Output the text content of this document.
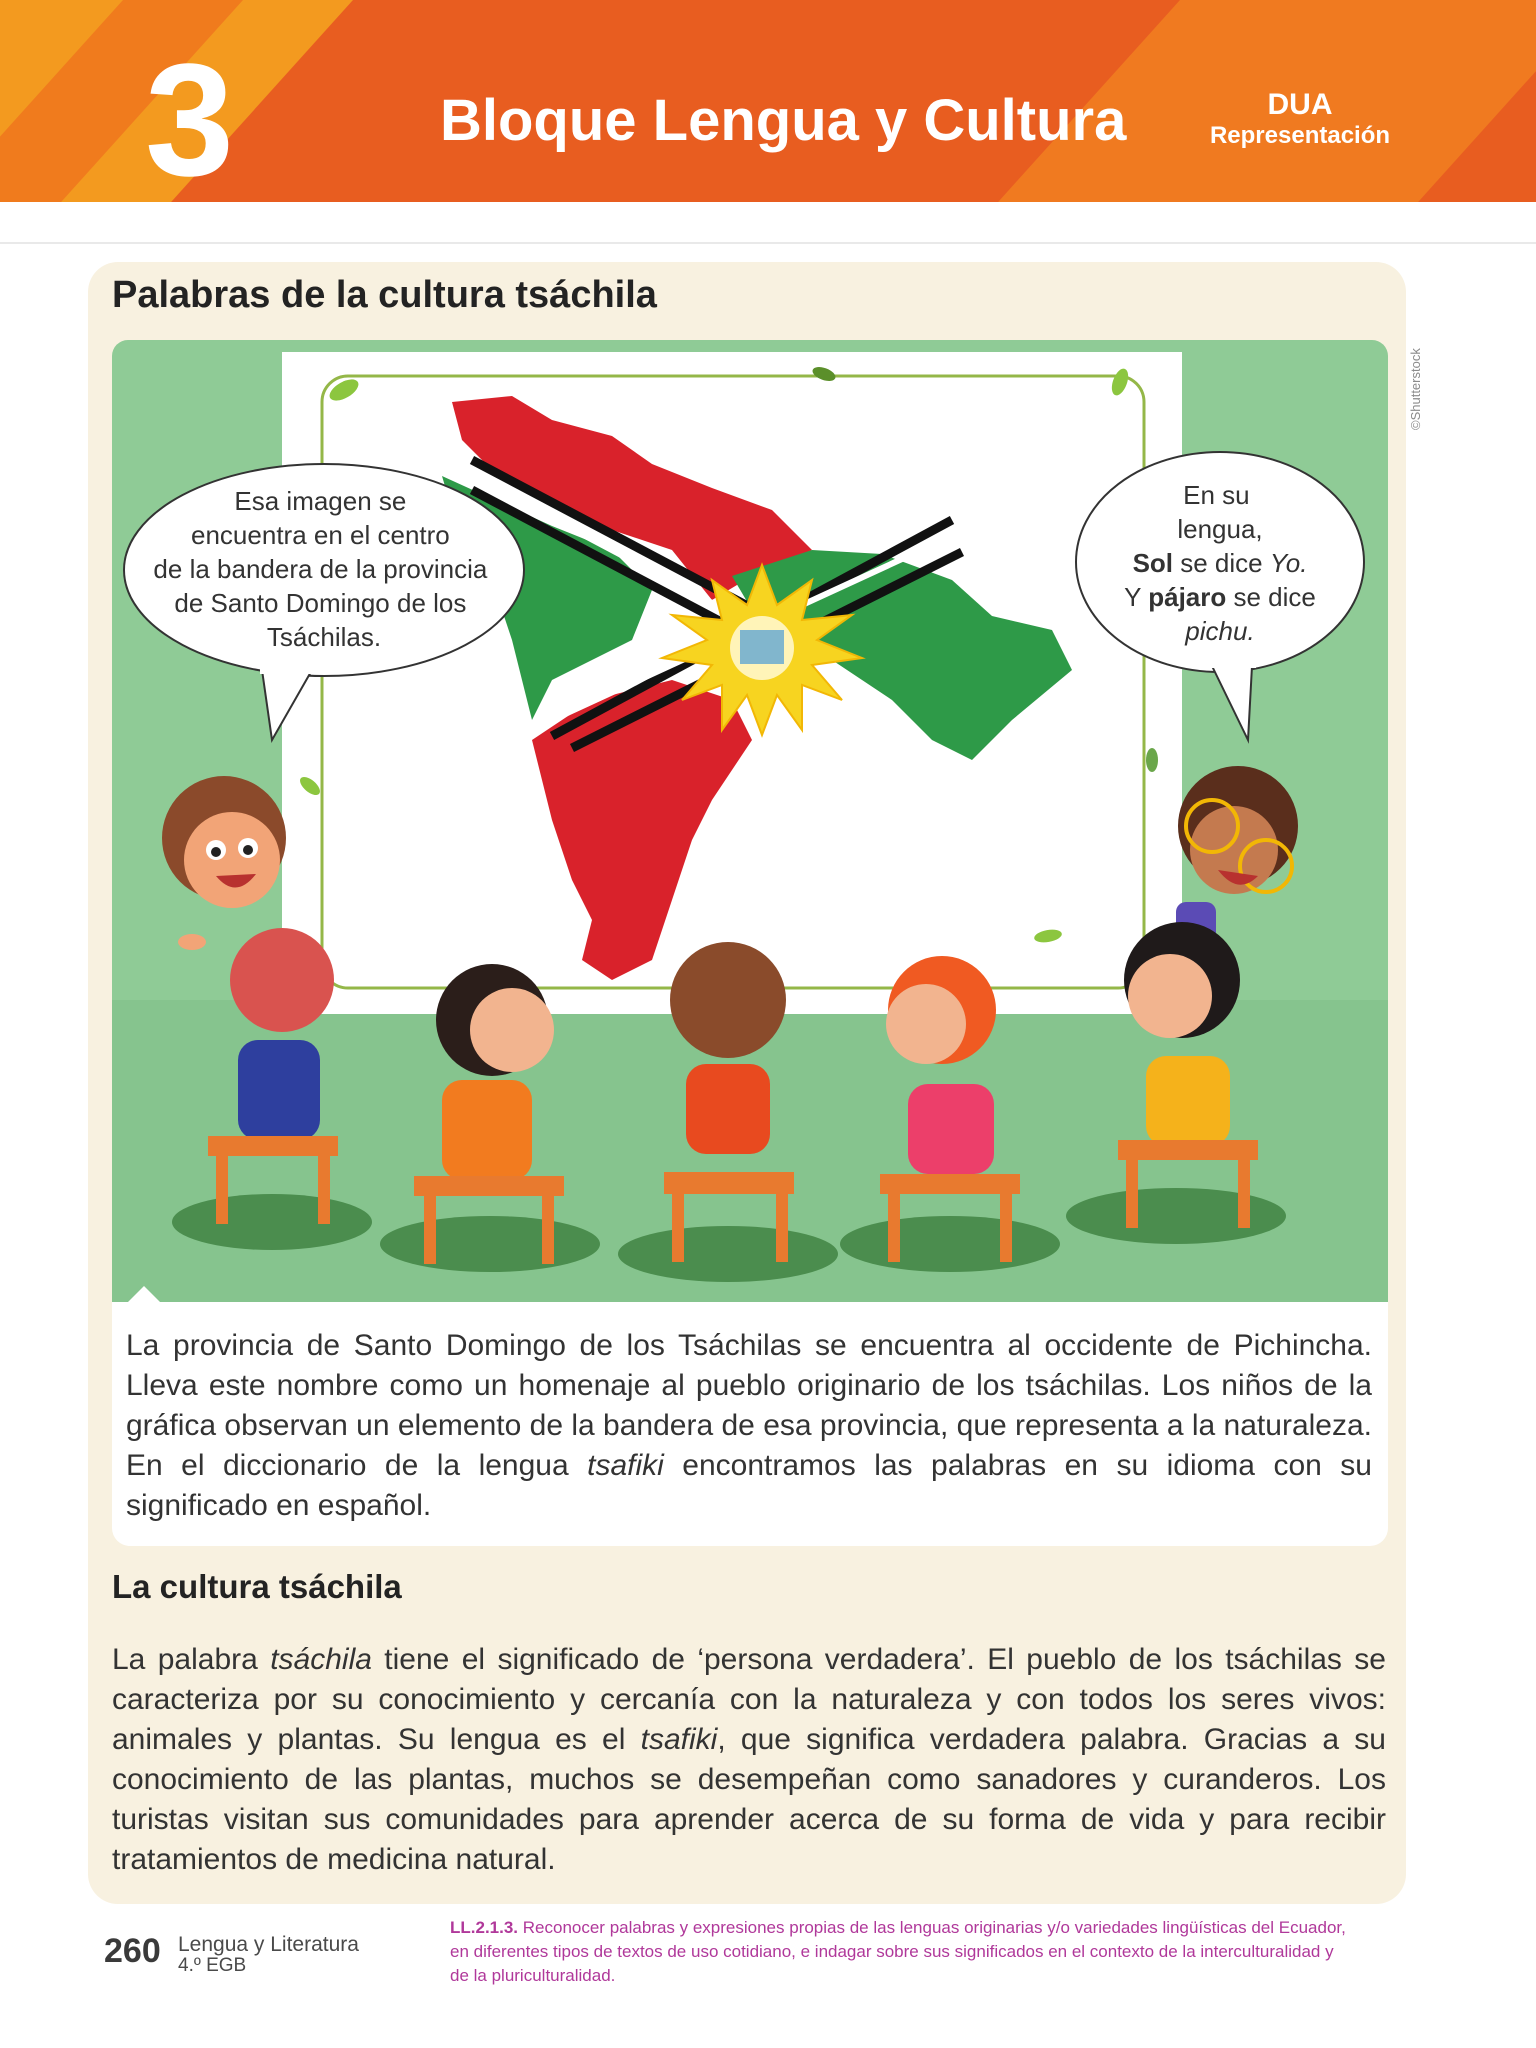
3	Bloque Lengua y Cultura	DUA
Representación
Palabras de la cultura tsáchila
©Shutterstock
Esa imagen se encuentra en el centro de la bandera de la provincia de Santo Domingo de los Tsáchilas.
En su lengua,
Sol se dice Yo.
Y pájaro se dice
pichu.

La provincia de Santo Domingo de los Tsáchilas se encuentra al occidente de Pichincha. Lleva este nombre como un homenaje al pueblo originario de los tsáchilas. Los niños de la gráfica observan un elemento de la bandera de esa provincia, que representa a la naturaleza. En el diccionario de la lengua tsafiki encontramos las palabras en su idioma con su significado en español.

La cultura tsáchila

La palabra tsáchila tiene el significado de ‘persona verdadera’. El pueblo de los tsáchilas se caracteriza por su conocimiento y cercanía con la naturaleza y con todos los seres vivos: animales y plantas. Su lengua es el tsafiki, que significa verdadera palabra. Gracias a su conocimiento de las plantas, muchos se desempeñan como sanadores y curanderos. Los turistas visitan sus comunidades para aprender acerca de su forma de vida y para recibir tratamientos de medicina natural.

260 Lengua y Literatura
4.º EGB

LL.2.1.3. Reconocer palabras y expresiones propias de las lenguas originarias y/o variedades lingüísticas del Ecuador, en diferentes tipos de textos de uso cotidiano, e indagar sobre sus significados en el contexto de la interculturalidad y de la pluriculturalidad.
